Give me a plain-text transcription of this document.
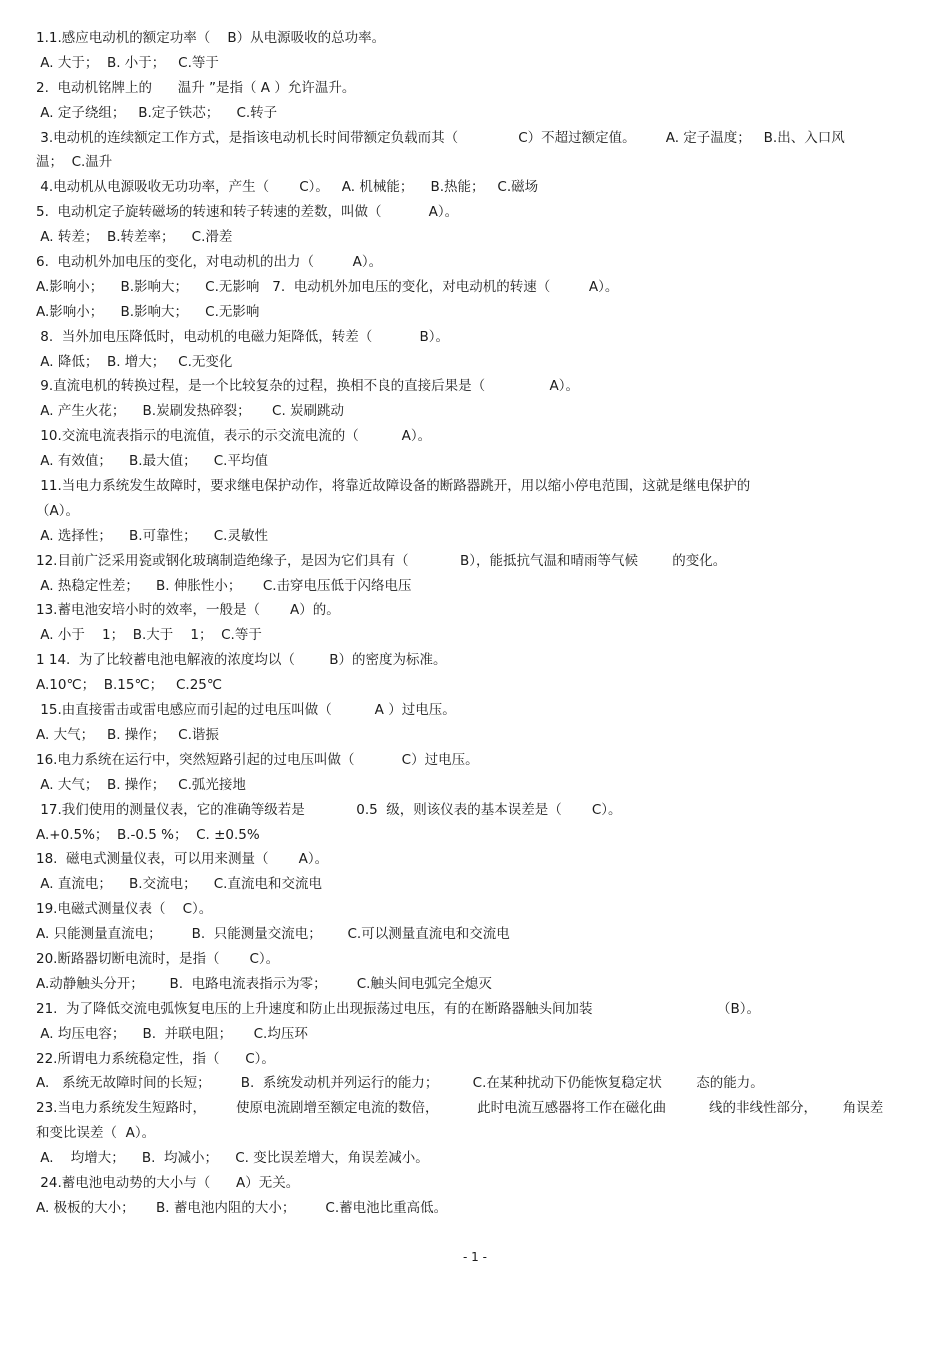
1.1.感应电动机的额定功率（    B）从电源吸收的总功率。
A. 大于；  B. 小于；   C.等于
2.  电动机铭牌上的      温升 ”是指（ A ）允许温升。
A. 定子绕组；   B.定子铁芯；    C.转子
3.电动机的连续额定工作方式，是指该电动机长时间带额定负载而其（              C）不超过额定值。       A. 定子温度；   B.出、入口风
温；  C.温升
4.电动机从电源吸收无功功率，产生（       C）。   A. 机械能；    B.热能；   C.磁场
5.  电动机定子旋转磁场的转速和转子转速的差数，叫做（           A）。
A. 转差；  B.转差率；    C.滑差
6.  电动机外加电压的变化，对电动机的出力（         A）。
A.影响小；    B.影响大；    C.无影响   7.  电动机外加电压的变化，对电动机的转速（         A）。
A.影响小；    B.影响大；    C.无影响
8.  当外加电压降低时，电动机的电磁力矩降低，转差（           B）。
A. 降低；  B. 增大；   C.无变化
9.直流电机的转换过程，是一个比较复杂的过程，换相不良的直接后果是（               A）。
A. 产生火花；    B.炭刷发热碎裂；     C. 炭刷跳动
10.交流电流表指示的电流值，表示的示交流电流的（          A）。
A. 有效值；    B.最大值；    C.平均值
11.当电力系统发生故障时，要求继电保护动作，将靠近故障设备的断路器跳开，用以缩小停电范围，这就是继电保护的
（A）。
A. 选择性；    B.可靠性；    C.灵敏性
12.目前广泛采用瓷或钢化玻璃制造绝缘子，是因为它们具有（            B），能抵抗气温和晴雨等气候        的变化。
A. 热稳定性差；    B. 伸胀性小；     C.击穿电压低于闪络电压
13.蓄电池安培小时的效率，一般是（       A）的。
A. 小于    1；  B.大于    1；  C.等于
1 14.  为了比较蓄电池电解液的浓度均以（        B）的密度为标准。
A.10℃；  B.15℃；   C.25℃
15.由直接雷击或雷电感应而引起的过电压叫做（          A ）过电压。
A. 大气；   B. 操作；   C.谐振
16.电力系统在运行中，突然短路引起的过电压叫做（           C）过电压。
A. 大气；  B. 操作；   C.弧光接地
17.我们使用的测量仪表，它的准确等级若是            0.5  级，则该仪表的基本误差是（       C）。
A.+0.5%；  B.-0.5 %；  C. ±0.5%
18.  磁电式测量仪表，可以用来测量（       A）。
A. 直流电；    B.交流电；    C.直流电和交流电
19.电磁式测量仪表（    C）。
A. 只能测量直流电；       B.  只能测量交流电；      C.可以测量直流电和交流电
20.断路器切断电流时，是指（       C）。
A.动静触头分开；      B.  电路电流表指示为零；       C.触头间电弧完全熄灭
21.  为了降低交流电弧恢复电压的上升速度和防止出现振荡过电压，有的在断路器触头间加装                             （B）。
A. 均压电容；    B.  并联电阻；     C.均压环
22.所谓电力系统稳定性，指（      C）。
A.   系统无故障时间的长短；       B.  系统发动机并列运行的能力；        C.在某种扰动下仍能恢复稳定状        态的能力。
23.当电力系统发生短路时，       使原电流剧增至额定电流的数倍，         此时电流互感器将工作在磁化曲          线的非线性部分，      角误差
和变比误差（  A）。
A.    均增大；    B.  均减小；    C. 变比误差增大，角误差减小。
24.蓄电池电动势的大小与（      A）无关。
A. 极板的大小；     B. 蓄电池内阻的大小；       C.蓄电池比重高低。
- 1 -
